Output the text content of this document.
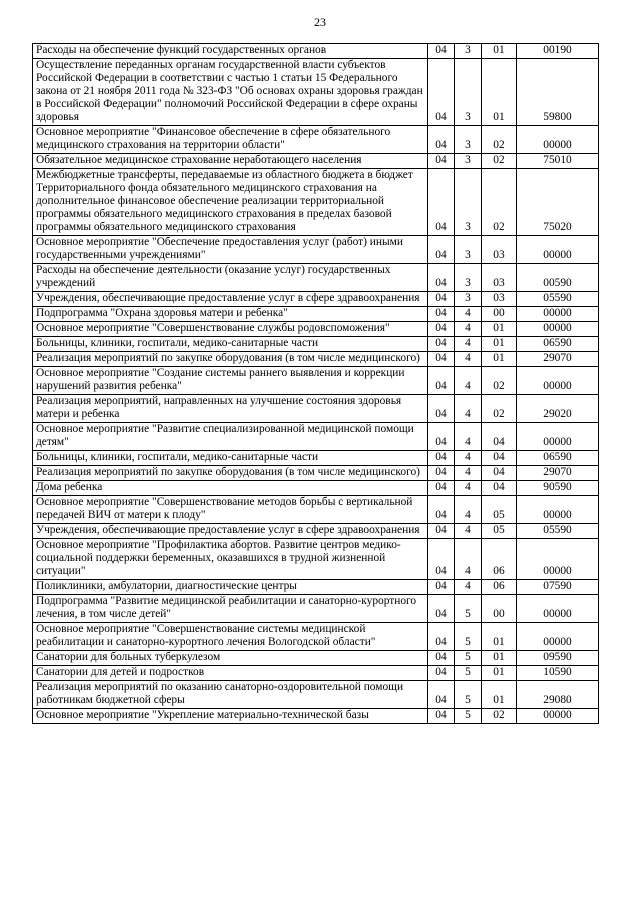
23
Расходы на обеспечение функций государственных органов	04	3	01	00190
Осуществление переданных органам государственной власти субъектов Российской Федерации в соответствии с частью 1 статьи 15 Федерального закона от 21 ноября 2011 года № 323-ФЗ "Об основах охраны здоровья граждан в Российской Федерации" полномочий Российской Федерации в сфере охраны здоровья	04	3	01	59800
Основное мероприятие "Финансовое обеспечение в сфере обязательного медицинского страхования на территории области"	04	3	02	00000
Обязательное медицинское страхование неработающего населения	04	3	02	75010
Межбюджетные трансферты, передаваемые из областного бюджета в бюджет Территориального фонда обязательного медицинского страхования на дополнительное финансовое обеспечение реализации территориальной программы обязательного медицинского страхования в пределах базовой программы обязательного медицинского страхования	04	3	02	75020
Основное мероприятие "Обеспечение предоставления услуг (работ) иными государственными учреждениями"	04	3	03	00000
Расходы на обеспечение деятельности (оказание услуг) государственных учреждений	04	3	03	00590
Учреждения, обеспечивающие предоставление услуг в сфере здравоохранения	04	3	03	05590
Подпрограмма "Охрана здоровья матери и ребенка"	04	4	00	00000
Основное мероприятие "Совершенствование службы родовспоможения"	04	4	01	00000
Больницы, клиники, госпитали, медико-санитарные части	04	4	01	06590
Реализация мероприятий по закупке оборудования (в том числе медицинского)	04	4	01	29070
Основное мероприятие "Создание системы раннего выявления и коррекции нарушений развития ребенка"	04	4	02	00000
Реализация мероприятий, направленных на улучшение состояния здоровья матери и ребенка	04	4	02	29020
Основное мероприятие "Развитие специализированной медицинской помощи детям"	04	4	04	00000
Больницы, клиники, госпитали, медико-санитарные части	04	4	04	06590
Реализация мероприятий по закупке оборудования (в том числе медицинского)	04	4	04	29070
Дома ребенка	04	4	04	90590
Основное мероприятие "Совершенствование методов борьбы с вертикальной передачей ВИЧ от матери к плоду"	04	4	05	00000
Учреждения, обеспечивающие предоставление услуг в сфере здравоохранения	04	4	05	05590
Основное мероприятие "Профилактика абортов. Развитие центров медико-социальной поддержки беременных, оказавшихся в трудной жизненной ситуации"	04	4	06	00000
Поликлиники, амбулатории, диагностические центры	04	4	06	07590
Подпрограмма "Развитие медицинской реабилитации и санаторно-курортного лечения, в том числе детей"	04	5	00	00000
Основное мероприятие "Совершенствование системы медицинской реабилитации и санаторно-курортного лечения Вологодской области"	04	5	01	00000
Санатории для больных туберкулезом	04	5	01	09590
Санатории для детей и подростков	04	5	01	10590
Реализация мероприятий по оказанию санаторно-оздоровительной помощи работникам бюджетной сферы	04	5	01	29080
Основное мероприятие "Укрепление материально-технической базы	04	5	02	00000
